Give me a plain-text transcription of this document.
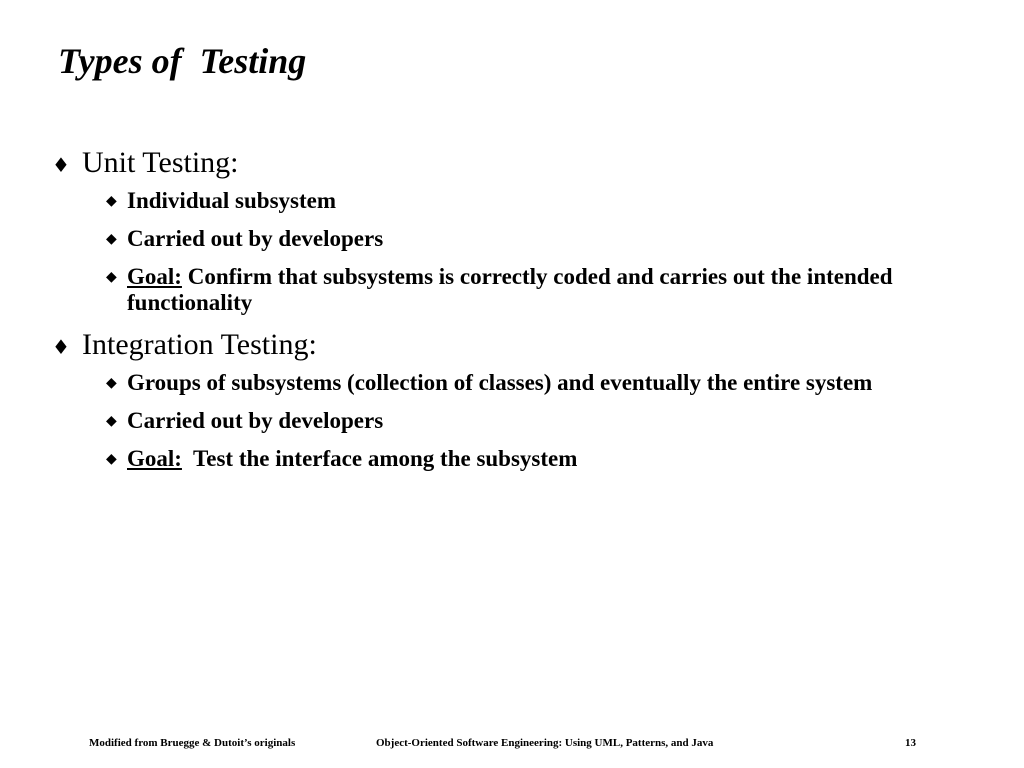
Types of  Testing
♦ Unit Testing:
◆ Individual subsystem
◆ Carried out by developers
◆ Goal: Confirm that subsystems is correctly coded and carries out the intended functionality
♦ Integration Testing:
◆ Groups of subsystems (collection of classes) and eventually the entire system
◆ Carried out by developers
◆ Goal:  Test the interface among the subsystem
Modified from Bruegge & Dutoit’s originals	Object-Oriented Software Engineering: Using UML, Patterns, and Java	13
